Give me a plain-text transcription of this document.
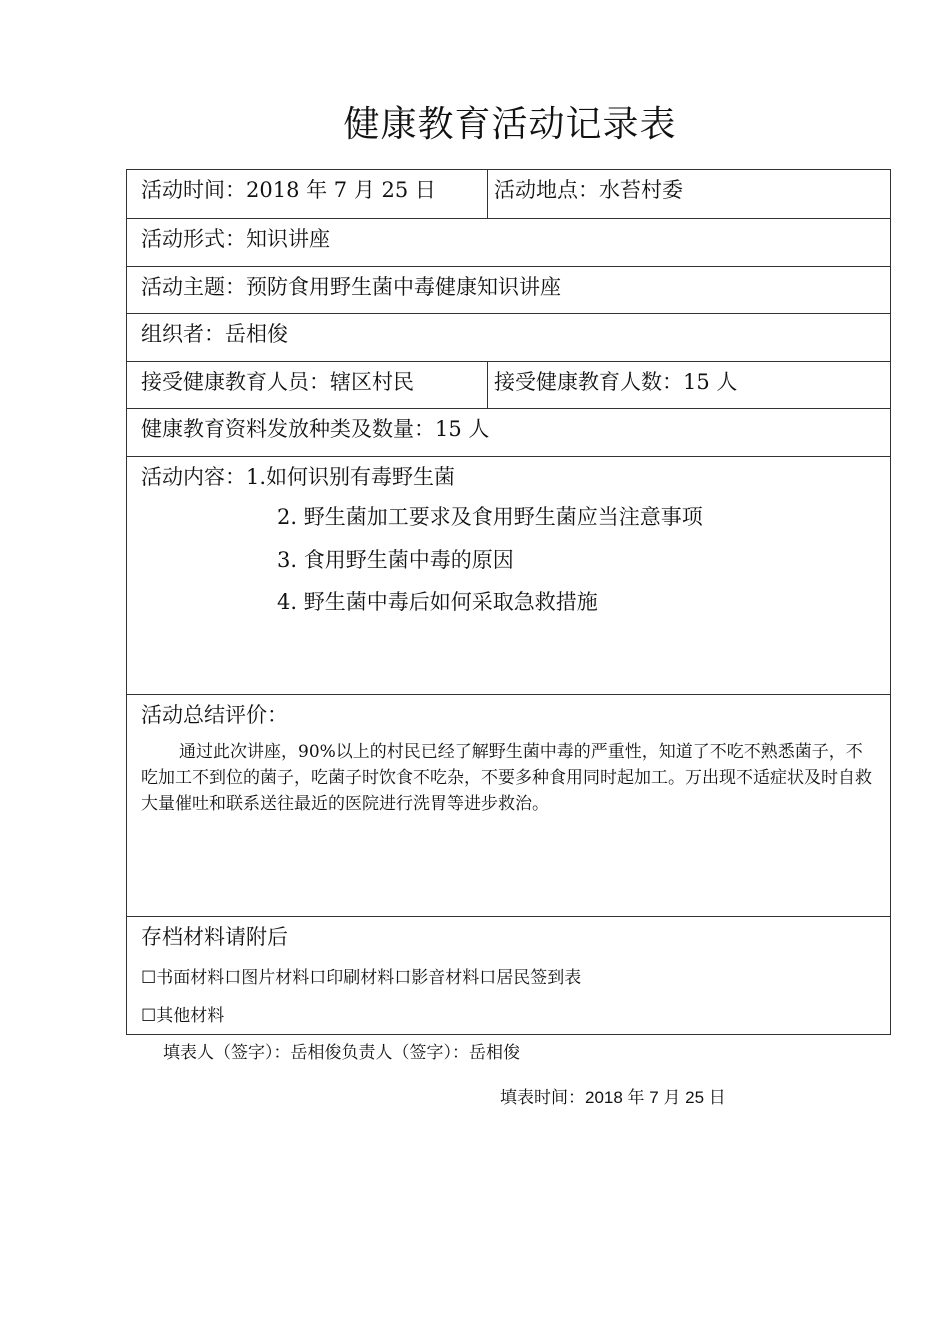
健康教育活动记录表
活动时间：2018 年 7 月 25 日	活动地点：水苔村委
活动形式：知识讲座
活动主题：预防食用野生菌中毒健康知识讲座
组织者：岳相俊
接受健康教育人员：辖区村民	接受健康教育人数：15 人
健康教育资料发放种类及数量：15 人
活动内容：1.如何识别有毒野生菌
2. 野生菌加工要求及食用野生菌应当注意事项
3. 食用野生菌中毒的原因
4. 野生菌中毒后如何采取急救措施
活动总结评价：
通过此次讲座，90%以上的村民已经了解野生菌中毒的严重性，知道了不吃不熟悉菌子，不吃加工不到位的菌子，吃菌子时饮食不吃杂，不要多种食用同时起加工。万出现不适症状及时自救大量催吐和联系送往最近的医院进行洗胃等进步救治。
存档材料请附后
☐书面材料口图片材料口印刷材料口影音材料口居民签到表
☐其他材料
填表人（签字）：岳相俊负责人（签字）：岳相俊
填表时间：2018 年 7 月 25 日
